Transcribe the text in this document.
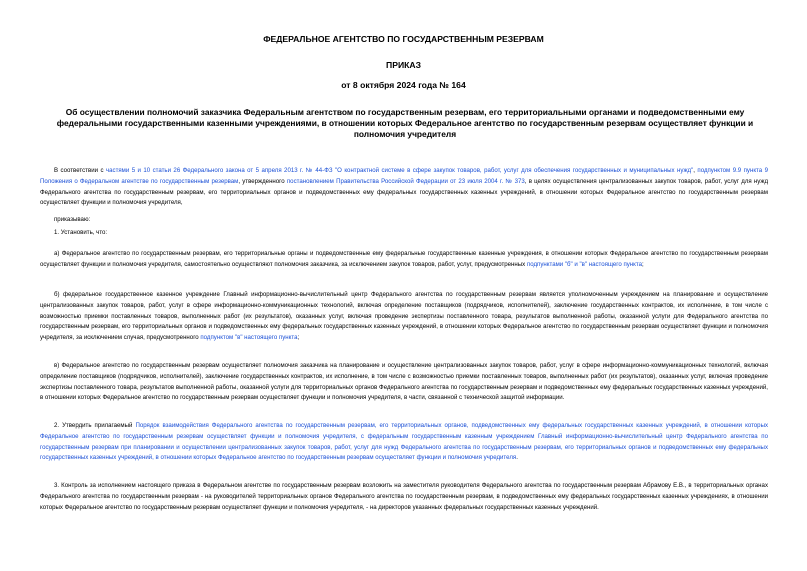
ФЕДЕРАЛЬНОЕ АГЕНТСТВО ПО ГОСУДАРСТВЕННЫМ РЕЗЕРВАМ
ПРИКАЗ
от 8 октября 2024 года № 164
Об осуществлении полномочий заказчика Федеральным агентством по государственным резервам, его территориальными органами и подведомственными ему федеральными государственными казенными учреждениями, в отношении которых Федеральное агентство по государственным резервам осуществляет функции и полномочия учредителя

В соответствии с частями 5 и 10 статьи 26 Федерального закона от 5 апреля 2013 г. № 44-ФЗ "О контрактной системе в сфере закупок товаров, работ, услуг для обеспечения государственных и муниципальных нужд", подпунктом 9.9 пункта 9 Положения о Федеральном агентстве по государственным резервам, утвержденного постановлением Правительства Российской Федерации от 23 июля 2004 г. № 373, в целях осуществления централизованных закупок товаров, работ, услуг для нужд Федерального агентства по государственным резервам, его территориальных органов и подведомственных ему федеральных государственных казенных учреждений, в отношении которых Федеральное агентство по государственным резервам осуществляет функции и полномочия учредителя,

приказываю:

1. Установить, что:

а) Федеральное агентство по государственным резервам, его территориальные органы и подведомственные ему федеральные государственные казенные учреждения, в отношении которых Федеральное агентство по государственным резервам осуществляет функции и полномочия учредителя, самостоятельно осуществляют полномочия заказчика, за исключением закупок товаров, работ, услуг, предусмотренных подпунктами "б" и "в" настоящего пункта;

б) федеральное государственное казенное учреждение Главный информационно-вычислительный центр Федерального агентства по государственным резервам является уполномоченным учреждением на планирование и осуществление централизованных закупок товаров, работ, услуг в сфере информационно-коммуникационных технологий, включая определение поставщиков (подрядчиков, исполнителей), заключение государственных контрактов, их исполнение, в том числе с возможностью приемки поставленных товаров, выполненных работ (их результатов), оказанных услуг, включая проведение экспертизы поставленного товара, результатов выполненной работы, оказанной услуги для Федерального агентства по государственным резервам, его территориальных органов и подведомственных ему федеральных государственных казенных учреждений, в отношении которых Федеральное агентство по государственным резервам осуществляет функции и полномочия учредителя, за исключением случая, предусмотренного подпунктом "в" настоящего пункта;

в) Федеральное агентство по государственным резервам осуществляет полномочия заказчика на планирование и осуществление централизованных закупок товаров, работ, услуг в сфере информационно-коммуникационных технологий, включая определение поставщиков (подрядчиков, исполнителей), заключение государственных контрактов, их исполнение, в том числе с возможностью приемки поставленных товаров, выполненных работ (их результатов), оказанных услуг, включая проведение экспертизы поставленного товара, результатов выполненной работы, оказанной услуги для территориальных органов Федерального агентства по государственным резервам и подведомственных ему федеральных государственных казенных учреждений, в отношении которых Федеральное агентство по государственным резервам осуществляет функции и полномочия учредителя, в части, связанной с технической защитой информации.

2. Утвердить прилагаемый Порядок взаимодействия Федерального агентства по государственным резервам, его территориальных органов, подведомственных ему федеральных государственных казенных учреждений, в отношении которых Федеральное агентство по государственным резервам осуществляет функции и полномочия учредителя, с федеральным государственным казенным учреждением Главный информационно-вычислительный центр Федерального агентства по государственным резервам при планировании и осуществлении централизованных закупок товаров, работ, услуг для нужд Федерального агентства по государственным резервам, его территориальных органов и подведомственных ему федеральных государственных казенных учреждений, в отношении которых Федеральное агентство по государственным резервам осуществляет функции и полномочия учредителя.

3. Контроль за исполнением настоящего приказа в Федеральном агентстве по государственным резервам возложить на заместителя руководителя Федерального агентства по государственным резервам Абрамову Е.В., в территориальных органах Федерального агентства по государственным резервам - на руководителей территориальных органов Федерального агентства по государственным резервам, в подведомственных ему федеральных государственных казенных учреждениях, в отношении которых Федеральное агентство по государственным резервам осуществляет функции и полномочия учредителя, - на директоров указанных федеральных государственных казенных учреждений.
